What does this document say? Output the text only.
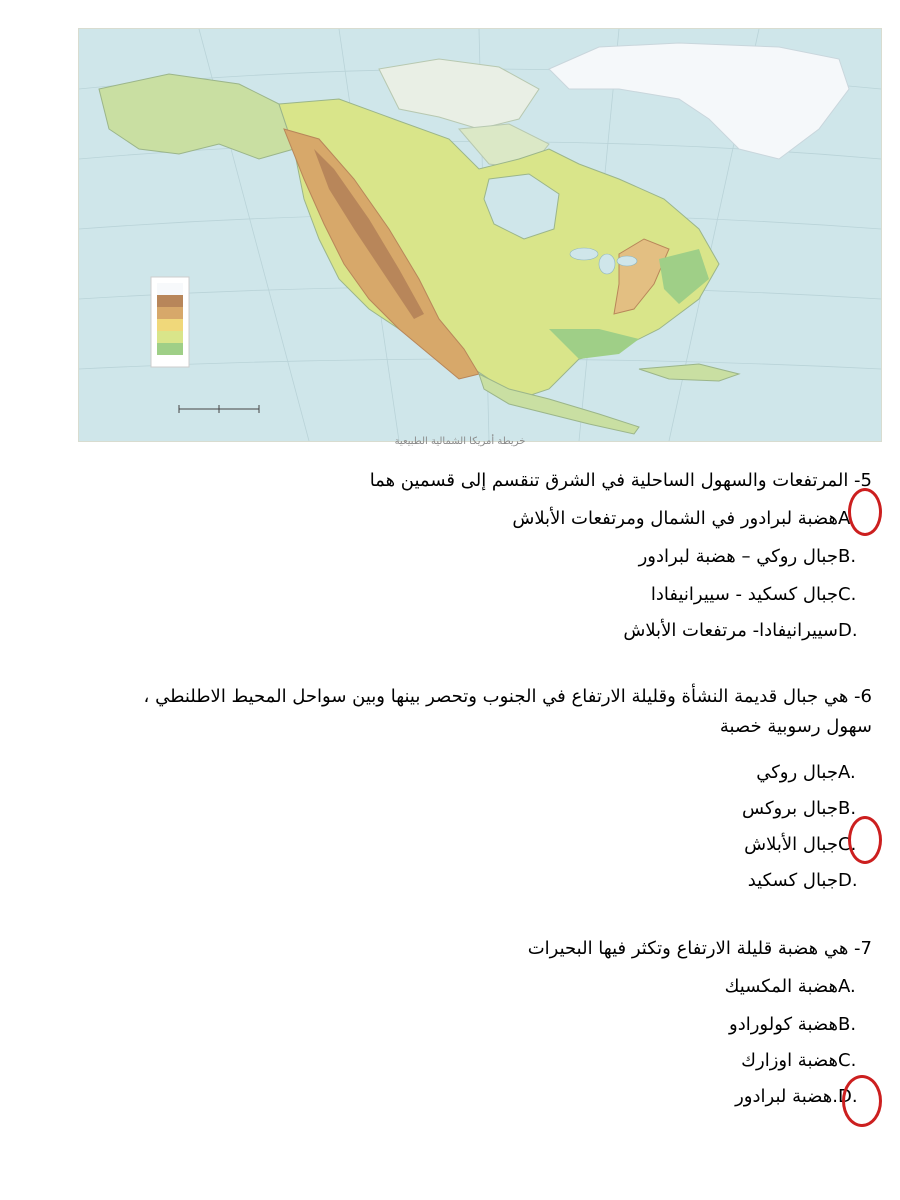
خريطة أمريكا الشمالية الطبيعية
5- المرتفعات والسهول الساحلية في الشرق تنقسم إلى قسمين هما
هضبة لبرادور في الشمال ومرتفعات الأبلاشA
جبال روكي – هضبة لبرادورB.
جبال كسكيد - سييرانيفاداC.
سييرانيفادا- مرتفعات الأبلاشD.
6- هي جبال قديمة النشأة وقليلة الارتفاع في الجنوب وتحصر بينها وبين سواحل المحيط الاطلنطي ، سهول رسوبية خصبة
جبال روكيA.
جبال بروكسB.
جبال الأبلاشC.
جبال كسكيدD.
7- هي هضبة قليلة الارتفاع وتكثر فيها البحيرات
هضبة المكسيكA.
هضبة كولورادوB.
هضبة اوزاركC.
.هضبة لبرادورD.
